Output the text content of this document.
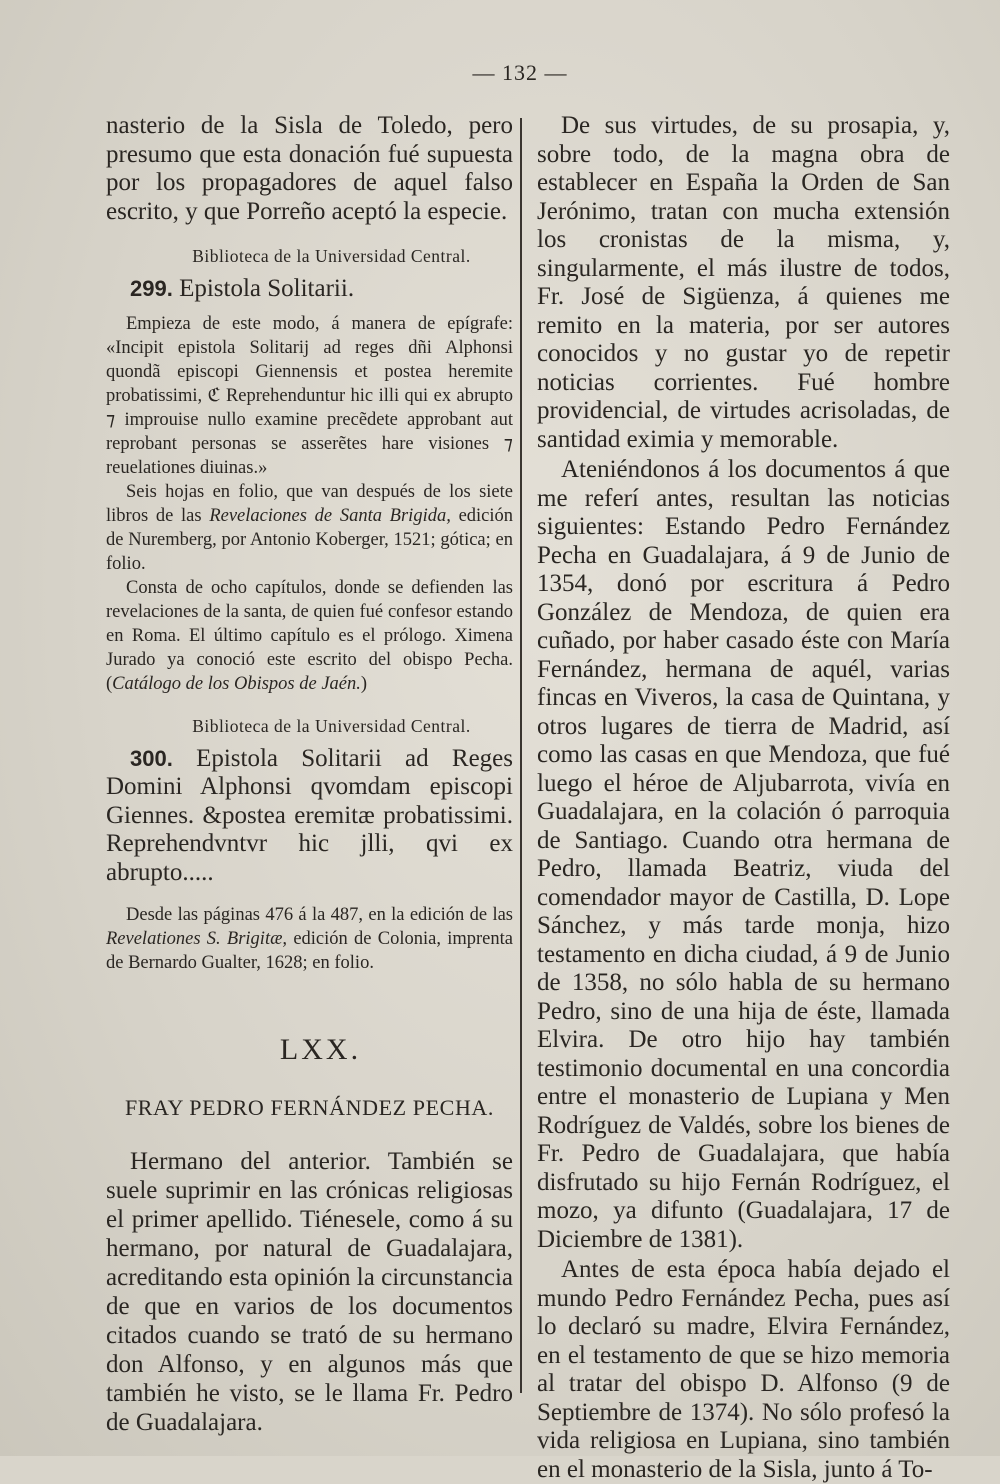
— 132 —

nasterio de la Sisla de Toledo, pero presumo que esta donación fué supuesta por los propagadores de aquel falso escrito, y que Porreño aceptó la especie.

Biblioteca de la Universidad Central.

299. Epistola Solitarii.

Empieza de este modo, á manera de epígrafe: «Incipit epistola Solitarij ad reges dñi Alphonsi quondã episcopi Giennensis et postea heremite probatissimi, ℭ Reprehenduntur hic illi qui ex abrupto ⁊ improuise nullo examine precẽdete approbant aut reprobant personas se asserẽtes hare visiones ⁊ reuelationes diuinas.»

Seis hojas en folio, que van después de los siete libros de las Revelaciones de Santa Brigida, edición de Nuremberg, por Antonio Koberger, 1521; gótica; en folio.

Consta de ocho capítulos, donde se defienden las revelaciones de la santa, de quien fué confesor estando en Roma. El último capítulo es el prólogo. Ximena Jurado ya conoció este escrito del obispo Pecha. (Catálogo de los Obispos de Jaén.)

Biblioteca de la Universidad Central.

300. Epistola Solitarii ad Reges Domini Alphonsi qvomdam episcopi Giennes. &postea eremitæ probatissimi. Reprehendvntvr hic jlli, qvi ex abrupto.....

Desde las páginas 476 á la 487, en la edición de las Revelationes S. Brigitæ, edición de Colonia, imprenta de Bernardo Gualter, 1628; en folio.

LXX.

FRAY PEDRO FERNÁNDEZ PECHA.

Hermano del anterior. También se suele suprimir en las crónicas religiosas el primer apellido. Tiénesele, como á su hermano, por natural de Guadalajara, acreditando esta opinión la circunstancia de que en varios de los documentos citados cuando se trató de su hermano don Alfonso, y en algunos más que también he visto, se le llama Fr. Pedro de Guadalajara.

De sus virtudes, de su prosapia, y, sobre todo, de la magna obra de establecer en España la Orden de San Jerónimo, tratan con mucha extensión los cronistas de la misma, y, singularmente, el más ilustre de todos, Fr. José de Sigüenza, á quienes me remito en la materia, por ser autores conocidos y no gustar yo de repetir noticias corrientes. Fué hombre providencial, de virtudes acrisoladas, de santidad eximia y memorable.

Ateniéndonos á los documentos á que me referí antes, resultan las noticias siguientes: Estando Pedro Fernández Pecha en Guadalajara, á 9 de Junio de 1354, donó por escritura á Pedro González de Mendoza, de quien era cuñado, por haber casado éste con María Fernández, hermana de aquél, varias fincas en Viveros, la casa de Quintana, y otros lugares de tierra de Madrid, así como las casas en que Mendoza, que fué luego el héroe de Aljubarrota, vivía en Guadalajara, en la colación ó parroquia de Santiago. Cuando otra hermana de Pedro, llamada Beatriz, viuda del comendador mayor de Castilla, D. Lope Sánchez, y más tarde monja, hizo testamento en dicha ciudad, á 9 de Junio de 1358, no sólo habla de su hermano Pedro, sino de una hija de éste, llamada Elvira. De otro hijo hay también testimonio documental en una concordia entre el monasterio de Lupiana y Men Rodríguez de Valdés, sobre los bienes de Fr. Pedro de Guadalajara, que había disfrutado su hijo Fernán Rodríguez, el mozo, ya difunto (Guadalajara, 17 de Diciembre de 1381).

Antes de esta época había dejado el mundo Pedro Fernández Pecha, pues así lo declaró su madre, Elvira Fernández, en el testamento de que se hizo memoria al tratar del obispo D. Alfonso (9 de Septiembre de 1374). No sólo profesó la vida religiosa en Lupiana, sino también en el monasterio de la Sisla, junto á To-
